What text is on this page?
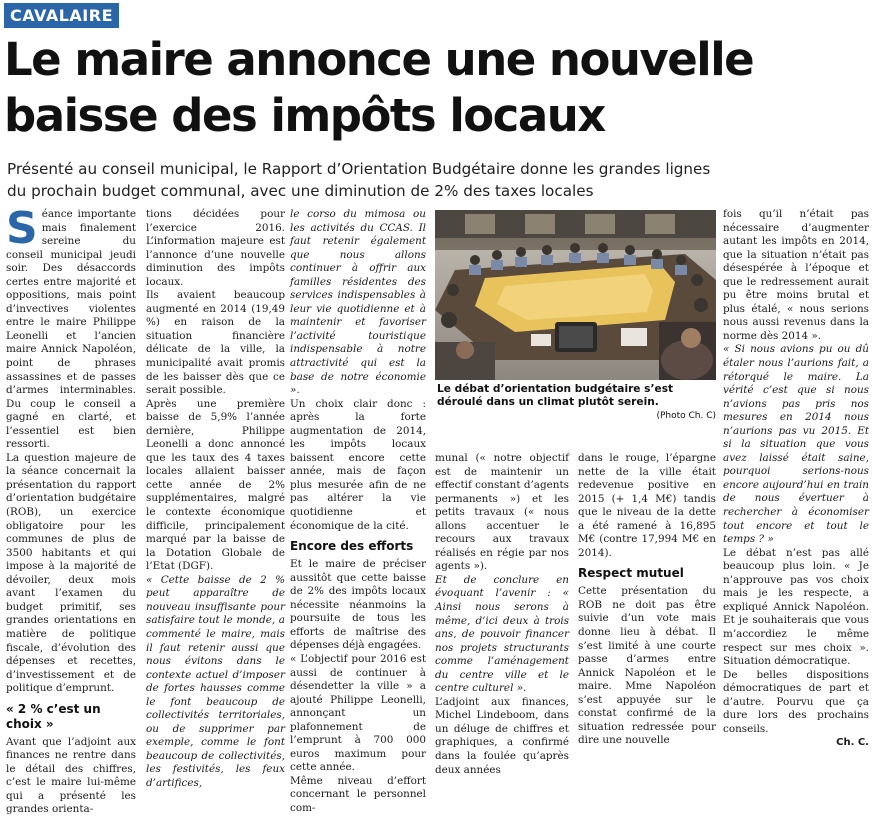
CAVALAIRE
Le maire annonce une nouvelle
baisse des impôts locaux
Présenté au conseil municipal, le Rapport d’Orientation Budgétaire donne les grandes lignes
du prochain budget communal, avec une diminution de 2% des taxes locales

Séance importante mais finalement sereine du conseil municipal jeudi soir. Des désaccords certes entre majorité et oppositions, mais point d’invectives violentes entre le maire Philippe Leonelli et l’ancien maire Annick Napoléon, point de phrases assassines et de passes d’armes interminables. Du coup le conseil a gagné en clarté, et l’essentiel est bien ressorti.

La question majeure de la séance concernait la présentation du rapport d’orientation budgétaire (ROB), un exercice obligatoire pour les communes de plus de 3500 habitants et qui impose à la majorité de dévoiler, deux mois avant l’examen du budget primitif, ses grandes orientations en matière de politique fiscale, d’évolution des dépenses et recettes, d’investissement et de politique d’emprunt.

« 2 % c’est un choix »

Avant que l’adjoint aux finances ne rentre dans le détail des chiffres, c’est le maire lui-même qui a présenté les grandes orienta-

tions décidées pour l’exercice 2016. L’information majeure est l’annonce d’une nouvelle diminution des impôts locaux.

Ils avaient beaucoup augmenté en 2014 (19,49 %) en raison de la situation financière délicate de la ville, la municipalité avait promis de les baisser dès que ce serait possible.

Après une première baisse de 5,9% l’année dernière, Philippe Leonelli a donc annoncé que les taux des 4 taxes locales allaient baisser cette année de 2% supplémentaires, malgré le contexte économique difficile, principalement marqué par la baisse de la Dotation Globale de l’Etat (DGF).

« Cette baisse de 2 % peut apparaître de nouveau insuffisante pour satisfaire tout le monde, a commenté le maire, mais il faut retenir aussi que nous évitons dans le contexte actuel d’imposer de fortes hausses comme le font beaucoup de collectivités territoriales, ou de supprimer par exemple, comme le font beaucoup de collectivités, les festivités, les feux d’artifices,

le corso du mimosa ou les activités du CCAS. Il faut retenir également que nous allons continuer à offrir aux familles résidentes des services indispensables à leur vie quotidienne et à maintenir et favoriser l’activité touristique indispensable à notre attractivité qui est la base de notre économie ».

Un choix clair donc : après la forte augmentation de 2014, les impôts locaux baissent encore cette année, mais de façon plus mesurée afin de ne pas altérer la vie quotidienne et économique de la cité.

Encore des efforts

Et le maire de préciser aussitôt que cette baisse de 2% des impôts locaux nécessite néanmoins la poursuite de tous les efforts de maîtrise des dépenses déjà engagées.

« L’objectif pour 2016 est aussi de continuer à désendetter la ville » a ajouté Philippe Leonelli, annonçant un plafonnement de l’emprunt à 700 000 euros maximum pour cette année.

Même niveau d’effort concernant le personnel com-

Le débat d’orientation budgétaire s’est déroulé dans un climat plutôt serein.
(Photo Ch. C)

munal (« notre objectif est de maintenir un effectif constant d’agents permanents ») et les petits travaux (« nous allons accentuer le recours aux travaux réalisés en régie par nos agents »).

Et de conclure en évoquant l’avenir : « Ainsi nous serons à même, d’ici deux à trois ans, de pouvoir financer nos projets structurants comme l’aménagement du centre ville et le centre culturel ».

L’adjoint aux finances, Michel Lindeboom, dans un déluge de chiffres et graphiques, a confirmé dans la foulée qu’après deux années

dans le rouge, l’épargne nette de la ville était redevenue positive en 2015 (+ 1,4 M€) tandis que le niveau de la dette a été ramené à 16,895 M€ (contre 17,994 M€ en 2014).

Respect mutuel

Cette présentation du ROB ne doit pas être suivie d’un vote mais donne lieu à débat. Il s’est limité à une courte passe d’armes entre Annick Napoléon et le maire. Mme Napoléon s’est appuyée sur le constat confirmé de la situation redressée pour dire une nouvelle

fois qu’il n’était pas nécessaire d’augmenter autant les impôts en 2014, que la situation n’était pas désespérée à l’époque et que le redressement aurait pu être moins brutal et plus étalé, « nous serions nous aussi revenus dans la norme dès 2014 ».

« Si nous avions pu ou dû étaler nous l’aurions fait, a rétorqué le maire. La vérité c’est que si nous n’avions pas pris nos mesures en 2014 nous n’aurions pas vu 2015. Et si la situation que vous avez laissé était saine, pourquoi serions-nous encore aujourd’hui en train de nous évertuer à rechercher à économiser tout encore et tout le temps ? »

Le débat n’est pas allé beaucoup plus loin. « Je n’approuve pas vos choix mais je les respecte, a expliqué Annick Napoléon. Et je souhaiterais que vous m’accordiez le même respect sur mes choix ». Situation démocratique.

De belles dispositions démocratiques de part et d’autre. Pourvu que ça dure lors des prochains conseils.

Ch. C.
